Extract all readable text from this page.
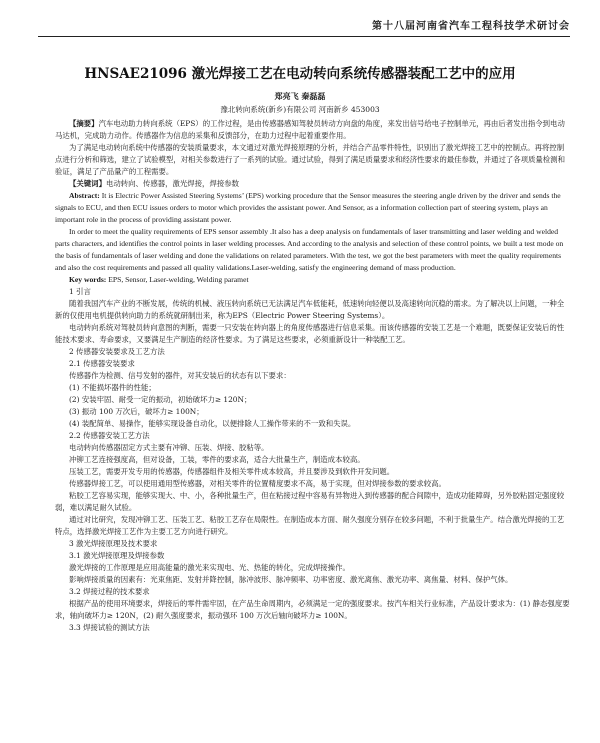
第十八届河南省汽车工程科技学术研讨会
HNSAE21096 激光焊接工艺在电动转向系统传感器装配工艺中的应用
郑亮飞 秦磊磊
豫北转向系统(新乡)有限公司 河南新乡 453003

【摘要】汽车电动助力转向系统（EPS）的工作过程，是由传感器感知驾驶员转动方向盘的角度，来发出信号给电子控制单元，再由后者发出指令到电动马达机，完成助力动作。传感器作为信息的采集和反馈部分，在助力过程中起着重要作用。

为了满足电动转向系统中传感器的安装质量要求，本文通过对激光焊接原理的分析，并结合产品零件特性，识别出了激光焊接工艺中的控制点。再将控制点进行分析和筛选，建立了试验模型，对相关参数进行了一系列的试验。通过试验，得到了满足质量要求和经济性要求的最佳参数，并通过了各项质量检测和验证，满足了产品量产的工程需要。

【关键词】电动转向、传感器，激光焊接，焊接参数

Abstract: It is Electric Power Assisted Steering Systems’ (EPS) working procedure that the Sensor measures the steering angle driven by the driver and sends the signals to ECU, and then ECU issues orders to motor which provides the assistant power. And Sensor, as a information collection part of steering system, plays an important role in the process of providing assistant power.

In order to meet the quality requirements of EPS sensor assembly .It also has a deep analysis on fundamentals of laser transmitting and laser welding and welded parts characters, and identifies the control points in laser welding processes. And according to the analysis and selection of these control points, we built a test mode on the basis of fundamentals of laser welding and done the validations on related parameters. With the test, we got the best parameters with meet the quality requirements and also the cost requirements and passed all quality validations.Laser-welding, satisfy the engineering demand of mass production.

Key words: EPS, Sensor, Laser-welding, Welding paramet

1 引言

随着我国汽车产业的不断发展，传统的机械、液压转向系统已无法满足汽车低能耗，低速转向轻便以及高速转向沉稳的需求。为了解决以上问题，一种全新的仅使用电机提供转向助力的系统就研制出来，称为EPS（Electric Power Steering Systems）。

电动转向系统对驾驶员转向意图的判断，需要一只安装在转向器上的角度传感器进行信息采集。而该传感器的安装工艺是一个难题，既要保证安装后的性能技术要求、寿命要求，又要满足生产制造的经济性要求。为了满足这些要求，必须重新设计一种装配工艺。

2 传感器安装要求及工艺方法

2.1 传感器安装要求

传感器作为检测、信号发射的器件，对其安装后的状态有以下要求：

(1) 不能损坏器件的性能；

(2) 安装牢固、耐受一定的振动，初始破坏力≥ 120N；

(3) 振动 100 万次后，破坏力≥ 100N；

(4) 装配简单、易操作，能够实现设备自动化，以便排除人工操作带来的不一致和失误。

2.2 传感器安装工艺方法

电动转向传感器固定方式主要有冲铆、压装、焊接、胶粘等。

冲铆工艺连接强度高，但对设备，工装，零件的要求高，适合大批量生产，制造成本较高。

压装工艺，需要开发专用的传感器，传感器组件及相关零件成本较高，并且要涉及到软件开发问题。

传感器焊接工艺，可以使用通用型传感器，对相关零件的位置精度要求不高，易于实现，但对焊接参数的要求较高。

粘胶工艺容易实现，能够实现大、中、小，各种批量生产，但在粘接过程中容易有异物进入到传感器的配合间隙中，造成功能障碍，另外胶粘固定强度较弱，难以满足耐久试验。

通过对比研究，发现冲铆工艺、压装工艺、粘胶工艺存在局限性。在制造成本方面、耐久强度分别存在较多问题，不利于批量生产。结合激光焊接的工艺特点，选择激光焊接工艺作为主要工艺方向进行研究。

3 激光焊接原理及技术要求

3.1 激光焊接原理及焊接参数

激光焊接的工作原理是应用高能量的激光来实现电、光、热能的转化，完成焊接操作。

影响焊接质量的因素有：光束焦距、发射并降控制，脉冲波形、脉冲频率、功率密度、激光离焦、激光功率、离焦量、材料、保护气体。

3.2 焊接过程的技术要求

根据产品的使用环境要求，焊接后的零件需牢固，在产品生命周期内，必须满足一定的强度要求。按汽车相关行业标准，产品设计要求为：(1) 静态强度要求，轴向破坏力≥ 120N，(2) 耐久强度要求，振动强环 100 万次后轴向破坏力≥ 100N。

3.3 焊接试验的测试方法
